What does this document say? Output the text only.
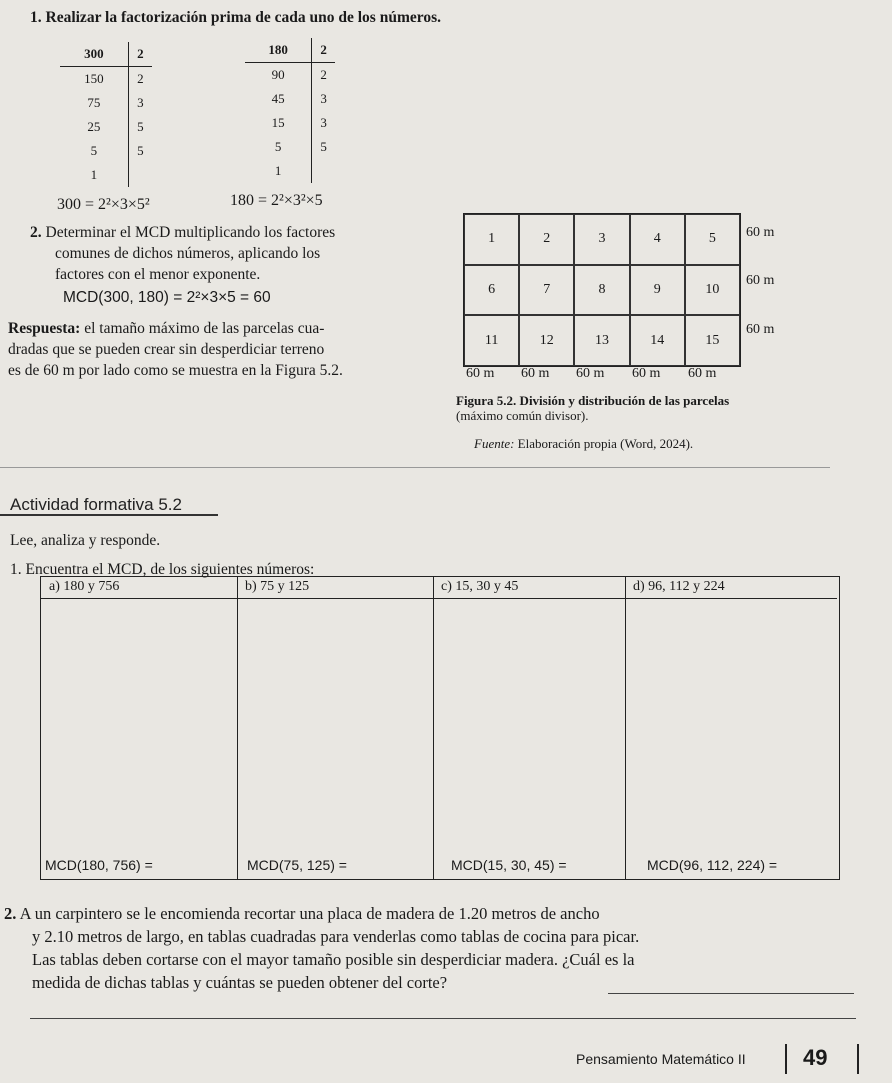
1. Realizar la factorización prima de cada uno de los números.
300	2
150	2
75	3
25	5
5	5
1	
180	2
90	2
45	3
15	3
5	5
1	
300 = 2²×3×5²	180 = 2²×3²×5
2. Determinar el MCD multiplicando los factores
comunes de dichos números, aplicando los
factores con el menor exponente.
MCD(300, 180) = 2²×3×5 = 60
Respuesta: el tamaño máximo de las parcelas cua-
dradas que se pueden crear sin desperdiciar terreno
es de 60 m por lado como se muestra en la Figura 5.2.
1	2	3	4	5
6	7	8	9	10
11	12	13	14	15
60 m
60 m
60 m
60 m 60 m 60 m 60 m 60 m
Figura 5.2. División y distribución de las parcelas
(máximo común divisor).
Fuente: Elaboración propia (Word, 2024).
Actividad formativa 5.2
Lee, analiza y responde.
1. Encuentra el MCD, de los siguientes números:
a) 180 y 756
MCD(180, 756) =
b) 75 y 125
MCD(75, 125) =
c) 15, 30 y 45
MCD(15, 30, 45) =
d) 96, 112 y 224
MCD(96, 112, 224) =
2. A un carpintero se le encomienda recortar una placa de madera de 1.20 metros de ancho
y 2.10 metros de largo, en tablas cuadradas para venderlas como tablas de cocina para picar.
Las tablas deben cortarse con el mayor tamaño posible sin desperdiciar madera. ¿Cuál es la
medida de dichas tablas y cuántas se pueden obtener del corte?
Pensamiento Matemático II	49
